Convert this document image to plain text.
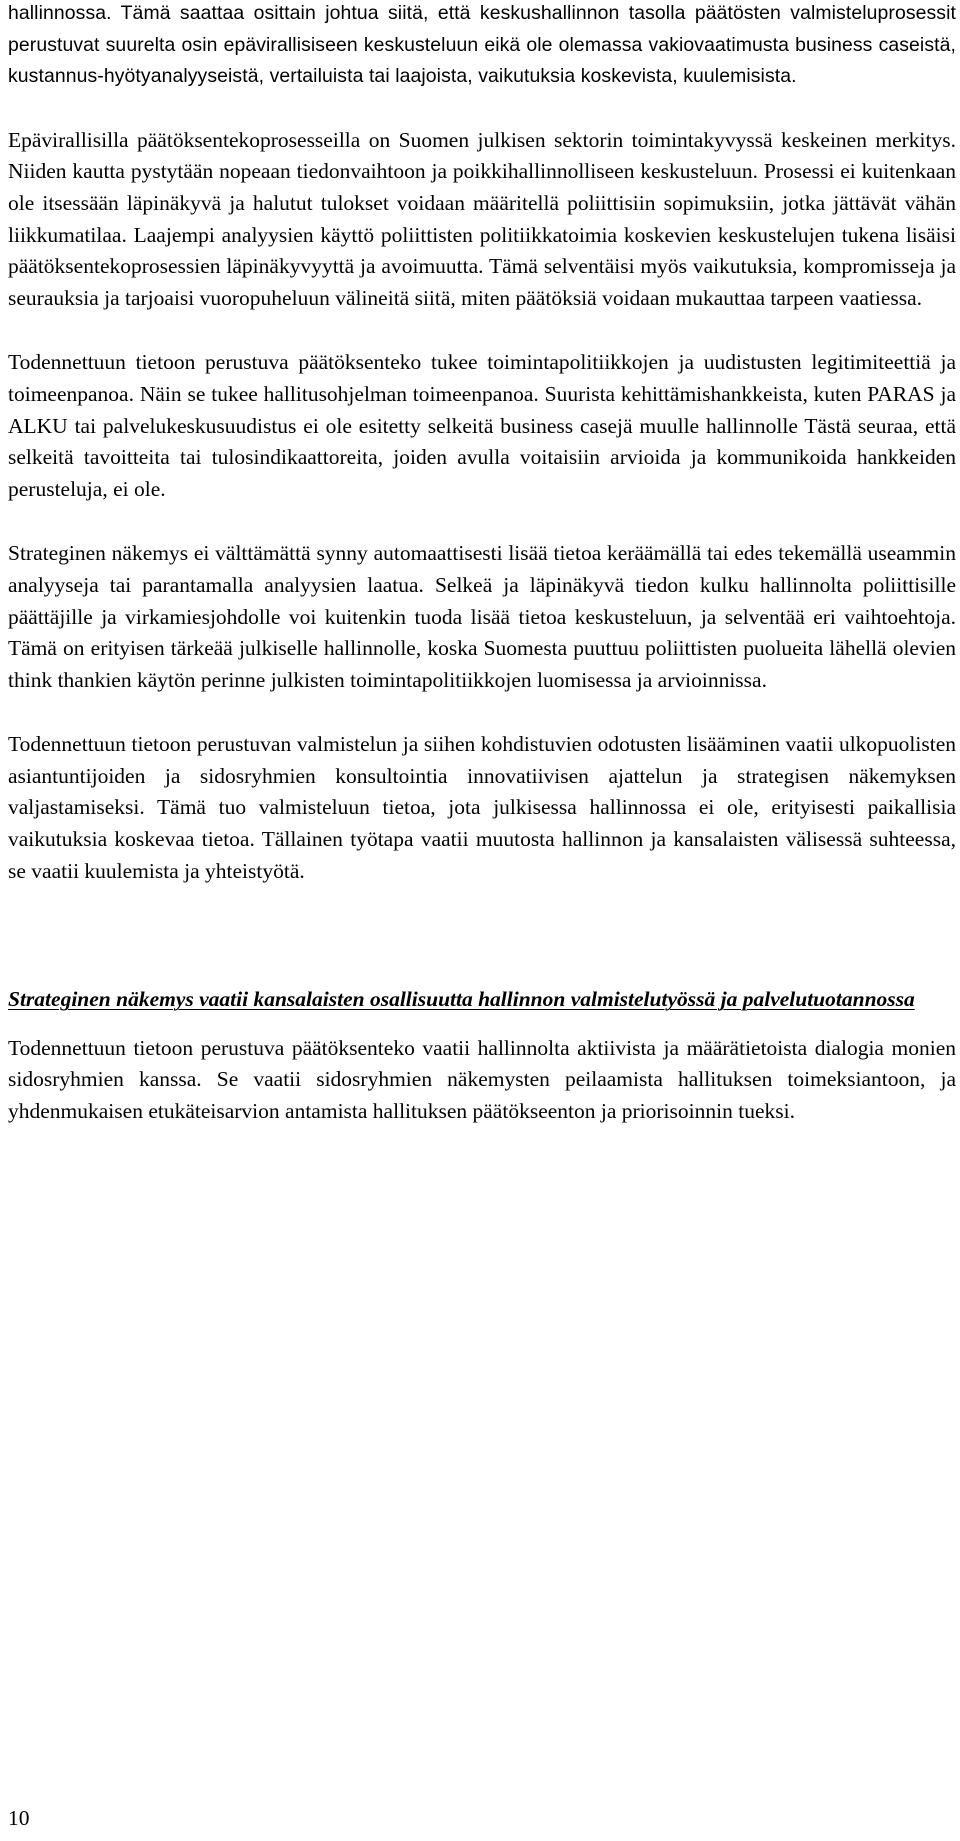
hallinnossa. Tämä saattaa osittain johtua siitä, että keskushallinnon tasolla päätösten valmisteluprosessit perustuvat suurelta osin epävirallisiseen keskusteluun eikä ole olemassa vakiovaatimusta business caseistä, kustannus-hyötyanalyyseistä, vertailuista tai laajoista, vaikutuksia koskevista, kuulemisista.

Epävirallisilla päätöksentekoprosesseilla on Suomen julkisen sektorin toimintakyvyssä keskeinen merkitys. Niiden kautta pystytään nopeaan tiedonvaihtoon ja poikkihallinnolliseen keskusteluun. Prosessi ei kuitenkaan ole itsessään läpinäkyvä ja halutut tulokset voidaan määritellä poliittisiin sopimuksiin, jotka jättävät vähän liikkumatilaa. Laajempi analyysien käyttö poliittisten politiikkatoimia koskevien keskustelujen tukena lisäisi päätöksentekoprosessien läpinäkyvyyttä ja avoimuutta. Tämä selventäisi myös vaikutuksia, kompromisseja ja seurauksia ja tarjoaisi vuoropuheluun välineitä siitä, miten päätöksiä voidaan mukauttaa tarpeen vaatiessa.

Todennettuun tietoon perustuva päätöksenteko tukee toimintapolitiikkojen ja uudistusten legitimiteettiä ja toimeenpanoa. Näin se tukee hallitusohjelman toimeenpanoa. Suurista kehittämishankkeista, kuten PARAS ja ALKU tai palvelukeskusuudistus ei ole esitetty selkeitä business casejä muulle hallinnolle Tästä seuraa, että selkeitä tavoitteita tai tulosindikaattoreita, joiden avulla voitaisiin arvioida ja kommunikoida hankkeiden perusteluja, ei ole.

Strateginen näkemys ei välttämättä synny automaattisesti lisää tietoa keräämällä tai edes tekemällä useammin analyyseja tai parantamalla analyysien laatua. Selkeä ja läpinäkyvä tiedon kulku hallinnolta poliittisille päättäjille ja virkamiesjohdolle voi kuitenkin tuoda lisää tietoa keskusteluun, ja selventää eri vaihtoehtoja. Tämä on erityisen tärkeää julkiselle hallinnolle, koska Suomesta puuttuu poliittisten puolueita lähellä olevien think thankien käytön perinne julkisten toimintapolitiikkojen luomisessa ja arvioinnissa.

Todennettuun tietoon perustuvan valmistelun ja siihen kohdistuvien odotusten lisääminen vaatii ulkopuolisten asiantuntijoiden ja sidosryhmien konsultointia innovatiivisen ajattelun ja strategisen näkemyksen valjastamiseksi. Tämä tuo valmisteluun tietoa, jota julkisessa hallinnossa ei ole, erityisesti paikallisia vaikutuksia koskevaa tietoa. Tällainen työtapa vaatii muutosta hallinnon ja kansalaisten välisessä suhteessa, se vaatii kuulemista ja yhteistyötä.

Strateginen näkemys vaatii kansalaisten osallisuutta hallinnon valmistelutyössä ja palvelutuotannossa

Todennettuun tietoon perustuva päätöksenteko vaatii hallinnolta aktiivista ja määrätietoista dialogia monien sidosryhmien kanssa. Se vaatii sidosryhmien näkemysten peilaamista hallituksen toimeksiantoon, ja yhdenmukaisen etukäteisarvion antamista hallituksen päätökseenton ja priorisoinnin tueksi.

10
